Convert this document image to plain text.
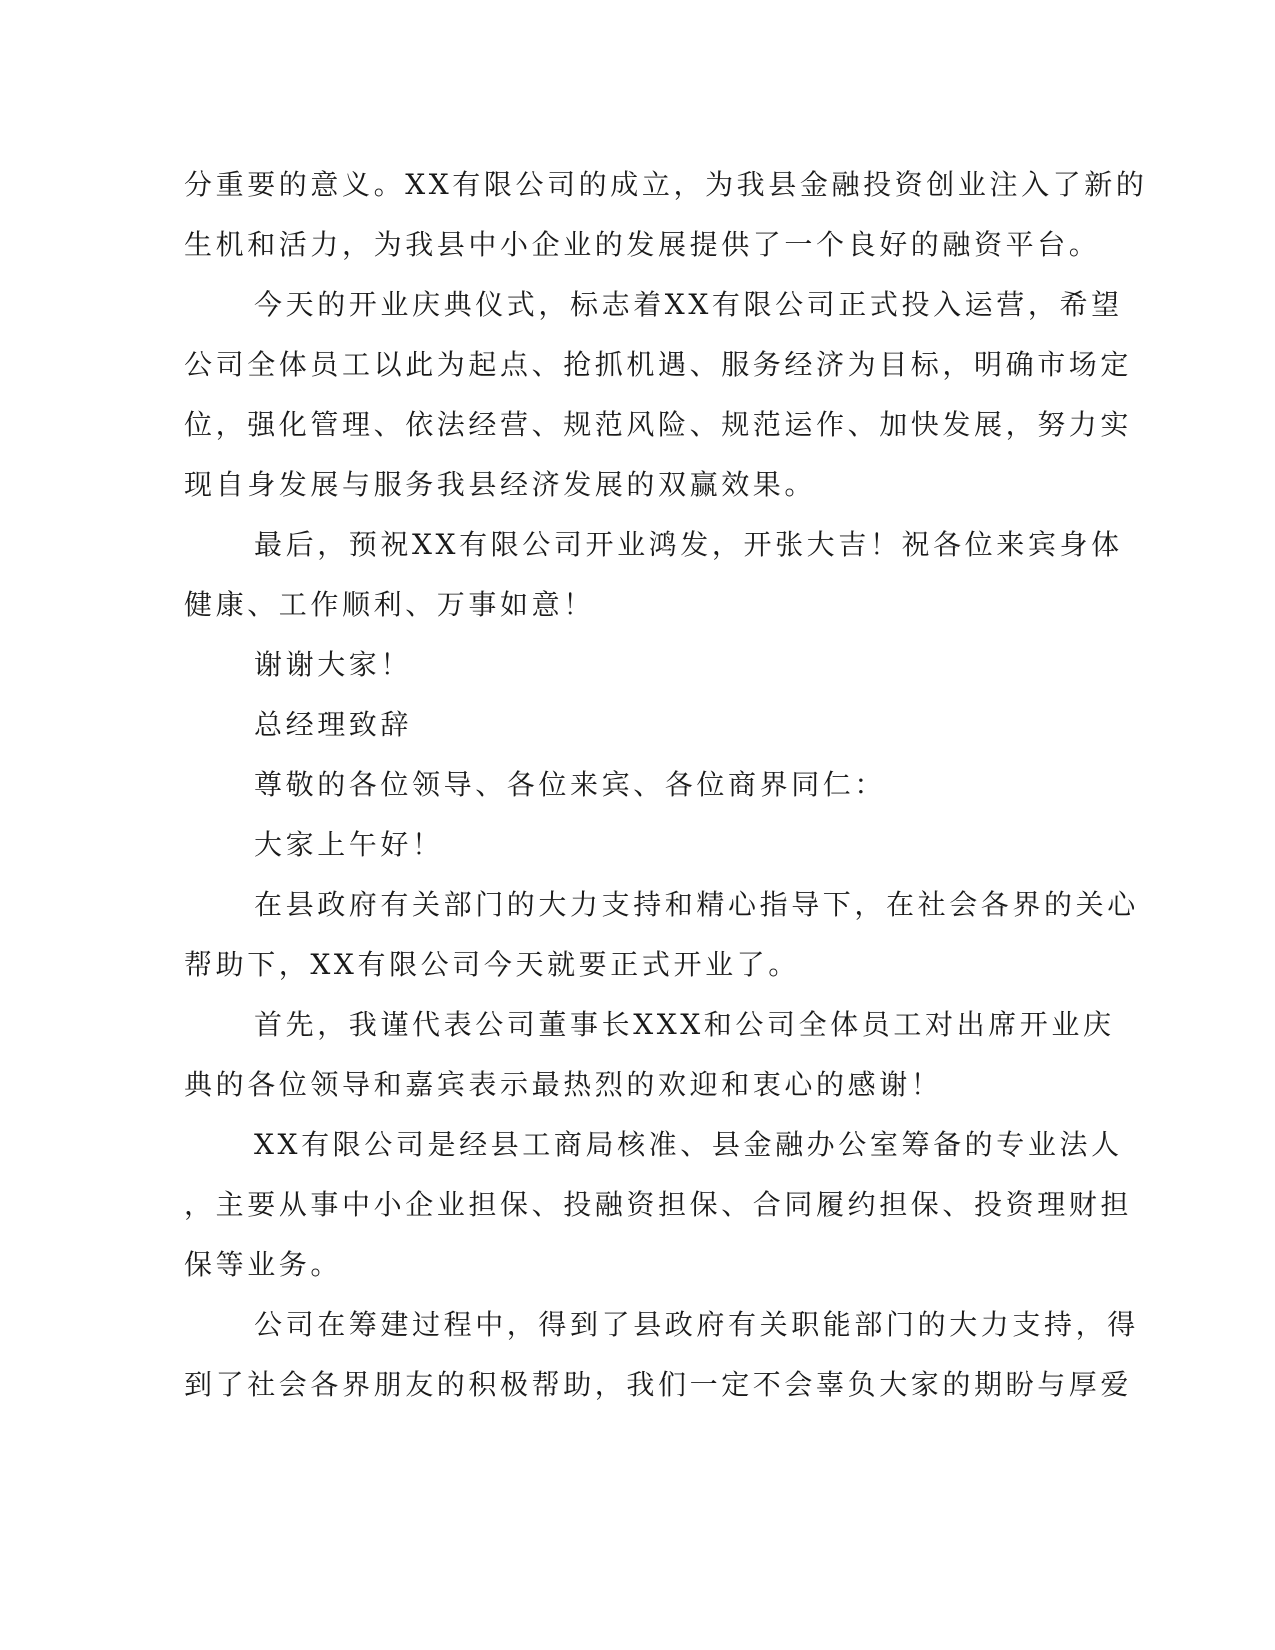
分重要的意义。XX有限公司的成立，为我县金融投资创业注入了新的
生机和活力，为我县中小企业的发展提供了一个良好的融资平台。
今天的开业庆典仪式，标志着XX有限公司正式投入运营，希望
公司全体员工以此为起点、抢抓机遇、服务经济为目标，明确市场定
位，强化管理、依法经营、规范风险、规范运作、加快发展，努力实
现自身发展与服务我县经济发展的双赢效果。
最后，预祝XX有限公司开业鸿发，开张大吉！祝各位来宾身体
健康、工作顺利、万事如意！
谢谢大家！
总经理致辞
尊敬的各位领导、各位来宾、各位商界同仁：
大家上午好！
在县政府有关部门的大力支持和精心指导下，在社会各界的关心
帮助下，XX有限公司今天就要正式开业了。
首先，我谨代表公司董事长XXX和公司全体员工对出席开业庆
典的各位领导和嘉宾表示最热烈的欢迎和衷心的感谢！
XX有限公司是经县工商局核准、县金融办公室筹备的专业法人
，主要从事中小企业担保、投融资担保、合同履约担保、投资理财担
保等业务。
公司在筹建过程中，得到了县政府有关职能部门的大力支持，得
到了社会各界朋友的积极帮助，我们一定不会辜负大家的期盼与厚爱
